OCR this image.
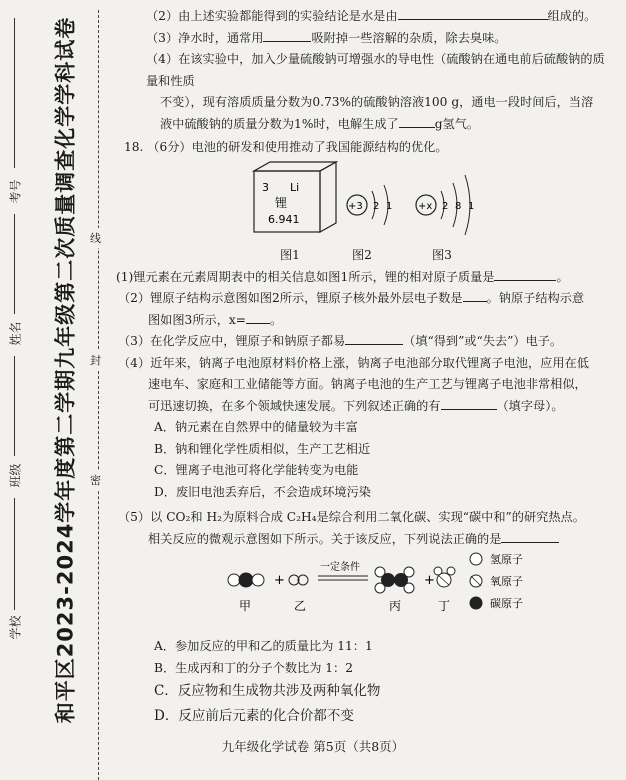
和平区2023-2024学年度第二学期九年级第二次质量调查化学学科试卷
考号
姓名
班级
学校
线
封
密

（2）由上述实验都能得到的实验结论是水是由	组成的。

（3）净水时，通常用	吸附掉一些溶解的杂质，除去臭味。

（4）在该实验中，加入少量硫酸钠可增强水的导电性（硫酸钠在通电前后硫酸钠的质量和性质

不变），现有溶质质量分数为0.73%的硫酸钠溶液100 g，通电一段时间后，当溶

液中硫酸钠的质量分数为1%时，电解生成了	g氢气。

18. （6分）电池的研发和使用推动了我国能源结构的优化。

3 Li
锂
6.941
+3 2 1	+x 2 8 1
图1	图2	图3

(1)锂元素在元素周期表中的相关信息如图1所示，锂的相对原子质量是	。

（2）锂原子结构示意图如图2所示，锂原子核外最外层电子数是 。钠原子结构示意

图如图3所示，x= 。

（3）在化学反应中，锂原子和钠原子都易	（填“得到”或“失去”）电子。

（4）近年来，钠离子电池原材料价格上涨，钠离子电池部分取代锂离子电池，应用在低

速电车、家庭和工业储能等方面。钠离子电池的生产工艺与锂离子电池非常相似，

可迅速切换，在多个领域快速发展。下列叙述正确的有	（填字母）。

A．钠元素在自然界中的储量较为丰富

B．钠和锂化学性质相似，生产工艺相近

C．锂离子电池可将化学能转变为电能

D．废旧电池丢弃后，不会造成环境污染

（5）以 CO₂和 H₂为原料合成 C₂H₄是综合利用二氧化碳、实现“碳中和”的研究热点。

相关反应的微观示意图如下所示。关于该反应，下列说法正确的是

+
一定条件
+
甲	乙	丙	丁
氢原子
氧原子
碳原子

A．参加反应的甲和乙的质量比为 11：1

B．生成丙和丁的分子个数比为 1：2

C．反应物和生成物共涉及两种氧化物

D．反应前后元素的化合价都不变

九年级化学试卷 第5页（共8页）
